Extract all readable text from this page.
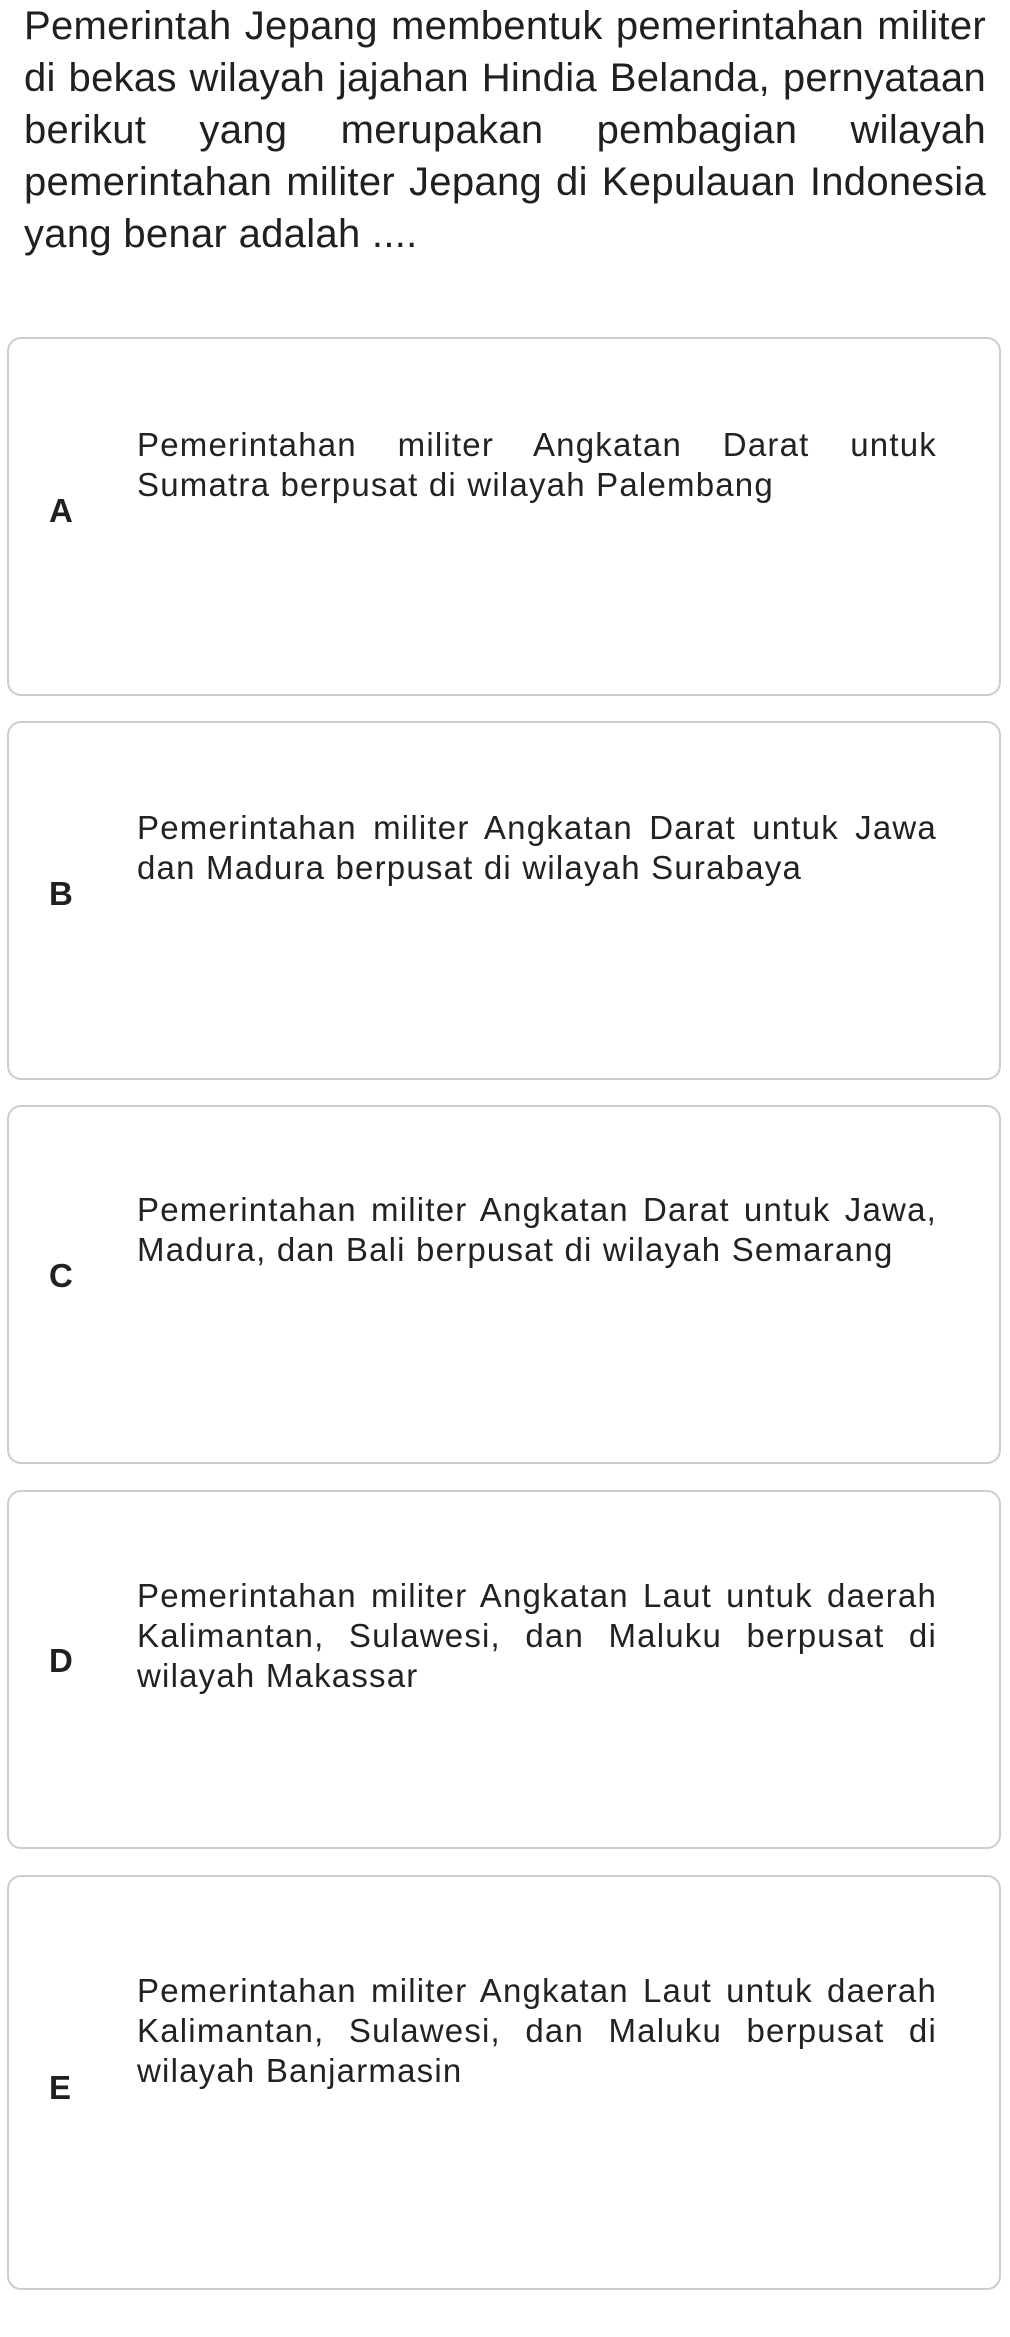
Pemerintah Jepang membentuk pemerintahan militer di bekas wilayah jajahan Hindia Belanda, pernyataan berikut yang merupakan pembagian wilayah pemerintahan militer Jepang di Kepulauan Indonesia yang benar adalah ....

A
Pemerintahan militer Angkatan Darat untuk Sumatra berpusat di wilayah Palembang
B
Pemerintahan militer Angkatan Darat untuk Jawa dan Madura berpusat di wilayah Surabaya
C
Pemerintahan militer Angkatan Darat untuk Jawa, Madura, dan Bali berpusat di wilayah Semarang
D
Pemerintahan militer Angkatan Laut untuk daerah Kalimantan, Sulawesi, dan Maluku berpusat di wilayah Makassar
E
Pemerintahan militer Angkatan Laut untuk daerah Kalimantan, Sulawesi, dan Maluku berpusat di wilayah Banjarmasin
